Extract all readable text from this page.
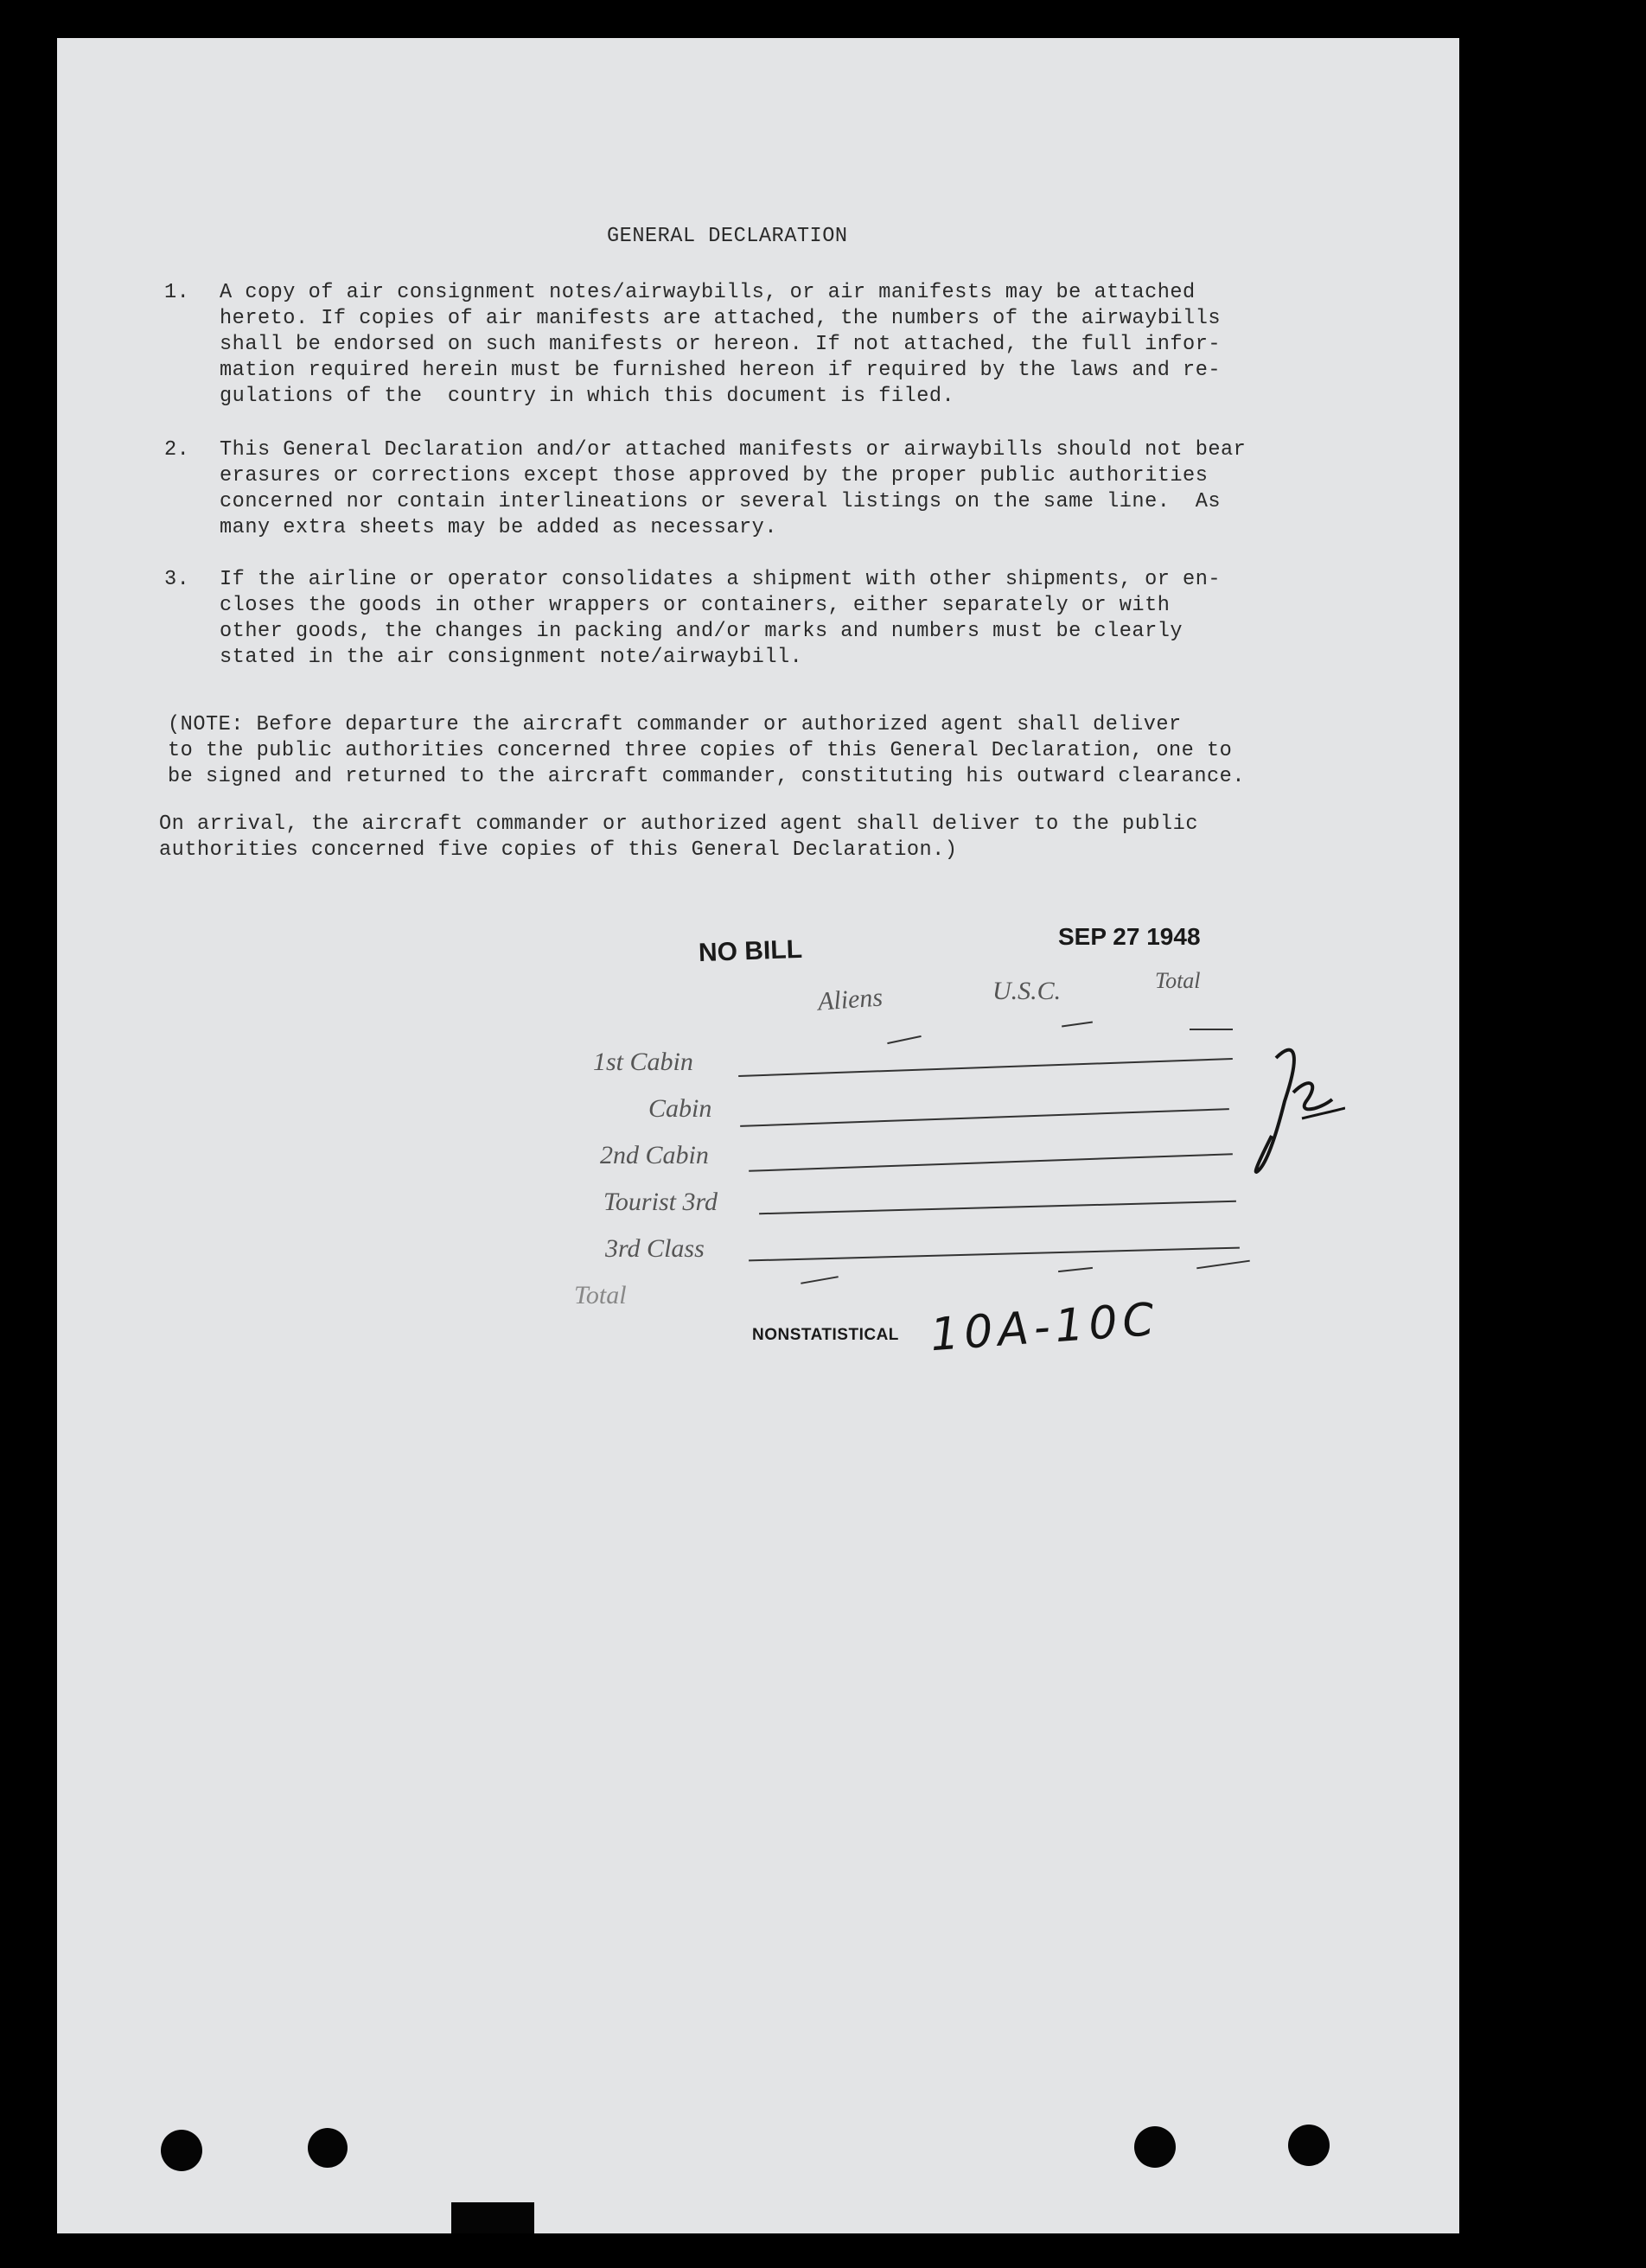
GENERAL DECLARATION
1. A copy of air consignment notes/airwaybills, or air manifests may be attached
hereto. If copies of air manifests are attached, the numbers of the airwaybills
shall be endorsed on such manifests or hereon. If not attached, the full infor-
mation required herein must be furnished hereon if required by the laws and re-
gulations of the  country in which this document is filed.
2. This General Declaration and/or attached manifests or airwaybills should not bear
erasures or corrections except those approved by the proper public authorities
concerned nor contain interlineations or several listings on the same line.  As
many extra sheets may be added as necessary.
3. If the airline or operator consolidates a shipment with other shipments, or en-
closes the goods in other wrappers or containers, either separately or with
other goods, the changes in packing and/or marks and numbers must be clearly
stated in the air consignment note/airwaybill.
(NOTE: Before departure the aircraft commander or authorized agent shall deliver
to the public authorities concerned three copies of this General Declaration, one to
be signed and returned to the aircraft commander, constituting his outward clearance.
On arrival, the aircraft commander or authorized agent shall deliver to the public
authorities concerned five copies of this General Declaration.)
NO BILL	SEP 27 1948
Aliens	U.S.C.	Total
1st Cabin
Cabin
2nd Cabin
Tourist 3rd
3rd Class
Total
NONSTATISTICAL 10A-10C
